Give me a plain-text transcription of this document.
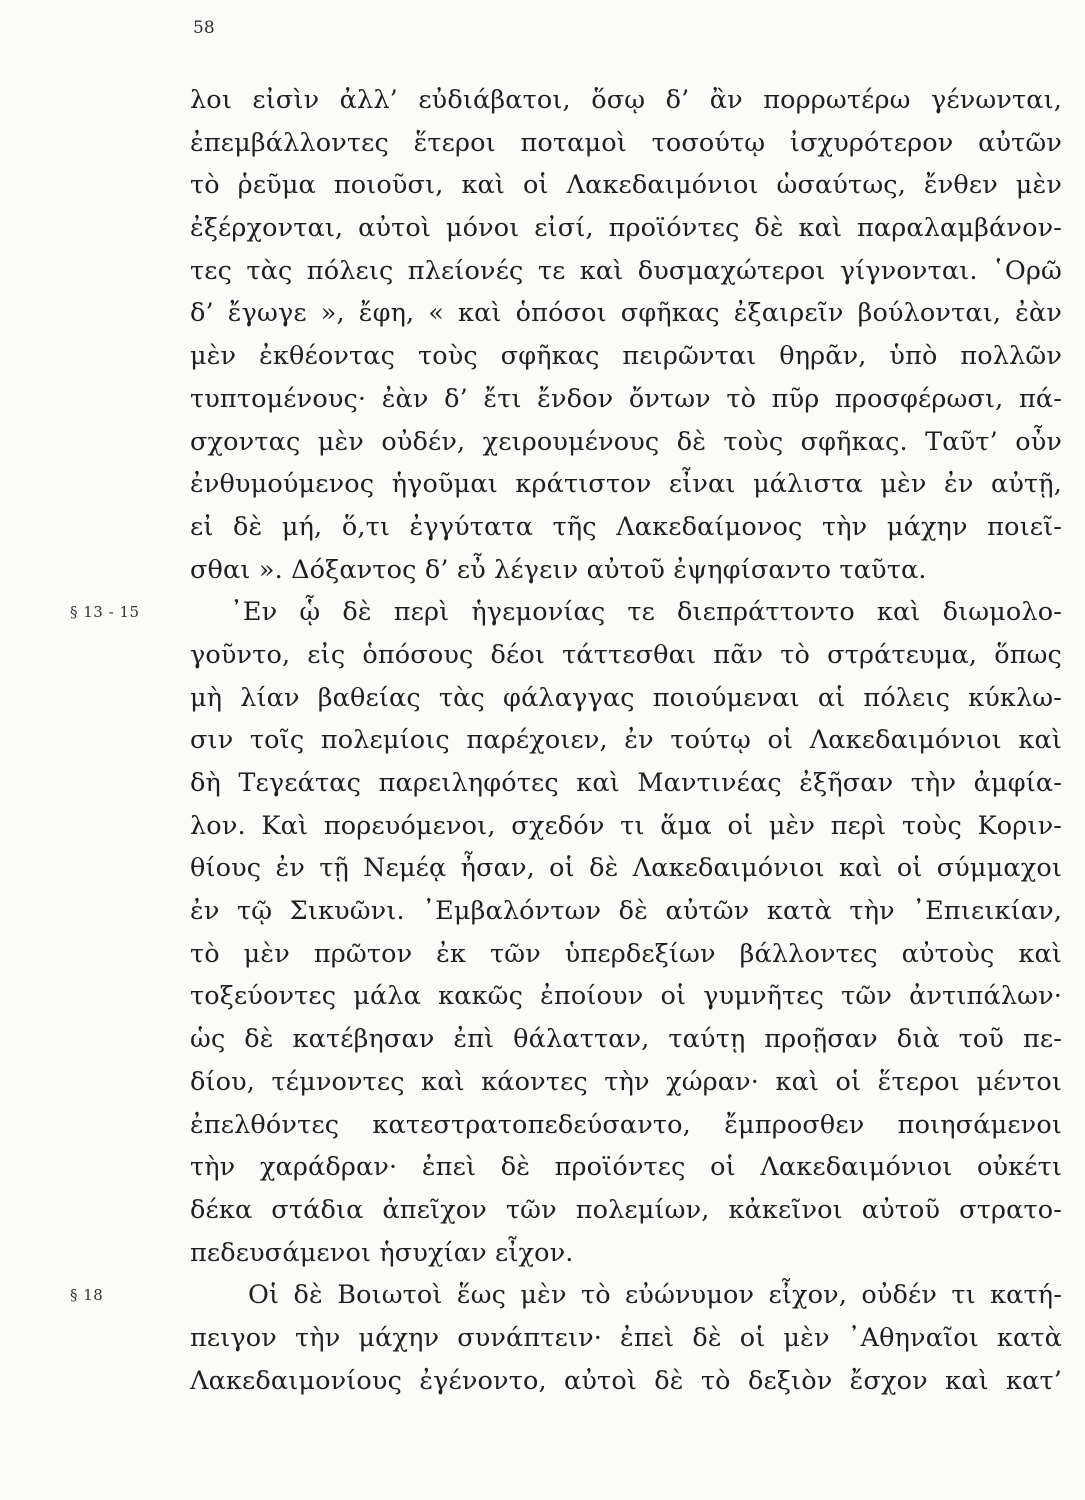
58
λοι εἰσὶν ἀλλ’ εὐδιάβατοι, ὅσῳ δ’ ἂν πορρωτέρω γένωνται,
ἐπεμβάλλοντες ἕτεροι ποταμοὶ τοσούτῳ ἰσχυρότερον αὐτῶν
τὸ ῥεῦμα ποιοῦσι, καὶ οἱ Λακεδαιμόνιοι ὡσαύτως, ἔνθεν μὲν
ἐξέρχονται, αὐτοὶ μόνοι εἰσί, προϊόντες δὲ καὶ παραλαμβάνον-
τες τὰς πόλεις πλείονές τε καὶ δυσμαχώτεροι γίγνονται. ῾Ορῶ
δ’ ἔγωγε », ἔφη, « καὶ ὁπόσοι σφῆκας ἐξαιρεῖν βούλονται, ἐὰν
μὲν ἐκθέοντας τοὺς σφῆκας πειρῶνται θηρᾶν, ὑπὸ πολλῶν
τυπτομένους· ἐὰν δ’ ἔτι ἔνδον ὄντων τὸ πῦρ προσφέρωσι, πά-
σχοντας μὲν οὐδέν, χειρουμένους δὲ τοὺς σφῆκας. Ταῦτ’ οὖν
ἐνθυμούμενος ἡγοῦμαι κράτιστον εἶναι μάλιστα μὲν ἐν αὐτῇ,
εἰ δὲ μή, ὅ,τι ἐγγύτατα τῆς Λακεδαίμονος τὴν μάχην ποιεῖ-
σθαι ». Δόξαντος δ’ εὖ λέγειν αὐτοῦ ἐψηφίσαντο ταῦτα.
§ 13 - 15	᾿Εν ᾧ δὲ περὶ ἡγεμονίας τε διεπράττοντο καὶ διωμολο-
γοῦντο, εἰς ὁπόσους δέοι τάττεσθαι πᾶν τὸ στράτευμα, ὅπως
μὴ λίαν βαθείας τὰς φάλαγγας ποιούμεναι αἱ πόλεις κύκλω-
σιν τοῖς πολεμίοις παρέχοιεν, ἐν τούτῳ οἱ Λακεδαιμόνιοι καὶ
δὴ Τεγεάτας παρειληφότες καὶ Μαντινέας ἐξῆσαν τὴν ἀμφία-
λον. Καὶ πορευόμενοι, σχεδόν τι ἅμα οἱ μὲν περὶ τοὺς Κοριν-
θίους ἐν τῇ Νεμέᾳ ἦσαν, οἱ δὲ Λακεδαιμόνιοι καὶ οἱ σύμμαχοι
ἐν τῷ Σικυῶνι. ᾿Εμβαλόντων δὲ αὐτῶν κατὰ τὴν ᾿Επιεικίαν,
τὸ μὲν πρῶτον ἐκ τῶν ὑπερδεξίων βάλλοντες αὐτοὺς καὶ
τοξεύοντες μάλα κακῶς ἐποίουν οἱ γυμνῆτες τῶν ἀντιπάλων·
ὡς δὲ κατέβησαν ἐπὶ θάλατταν, ταύτῃ προῇσαν διὰ τοῦ πε-
δίου, τέμνοντες καὶ κάοντες τὴν χώραν· καὶ οἱ ἕτεροι μέντοι
ἐπελθόντες κατεστρατοπεδεύσαντο, ἔμπροσθεν ποιησάμενοι
τὴν χαράδραν· ἐπεὶ δὲ προϊόντες οἱ Λακεδαιμόνιοι οὐκέτι
δέκα στάδια ἀπεῖχον τῶν πολεμίων, κἀκεῖνοι αὐτοῦ στρατο-
πεδευσάμενοι ἡσυχίαν εἶχον.
§ 18	Οἱ δὲ Βοιωτοὶ ἕως μὲν τὸ εὐώνυμον εἶχον, οὐδέν τι κατή-
πειγον τὴν μάχην συνάπτειν· ἐπεὶ δὲ οἱ μὲν ᾿Αθηναῖοι κατὰ
Λακεδαιμονίους ἐγένοντο, αὐτοὶ δὲ τὸ δεξιὸν ἔσχον καὶ κατ’
